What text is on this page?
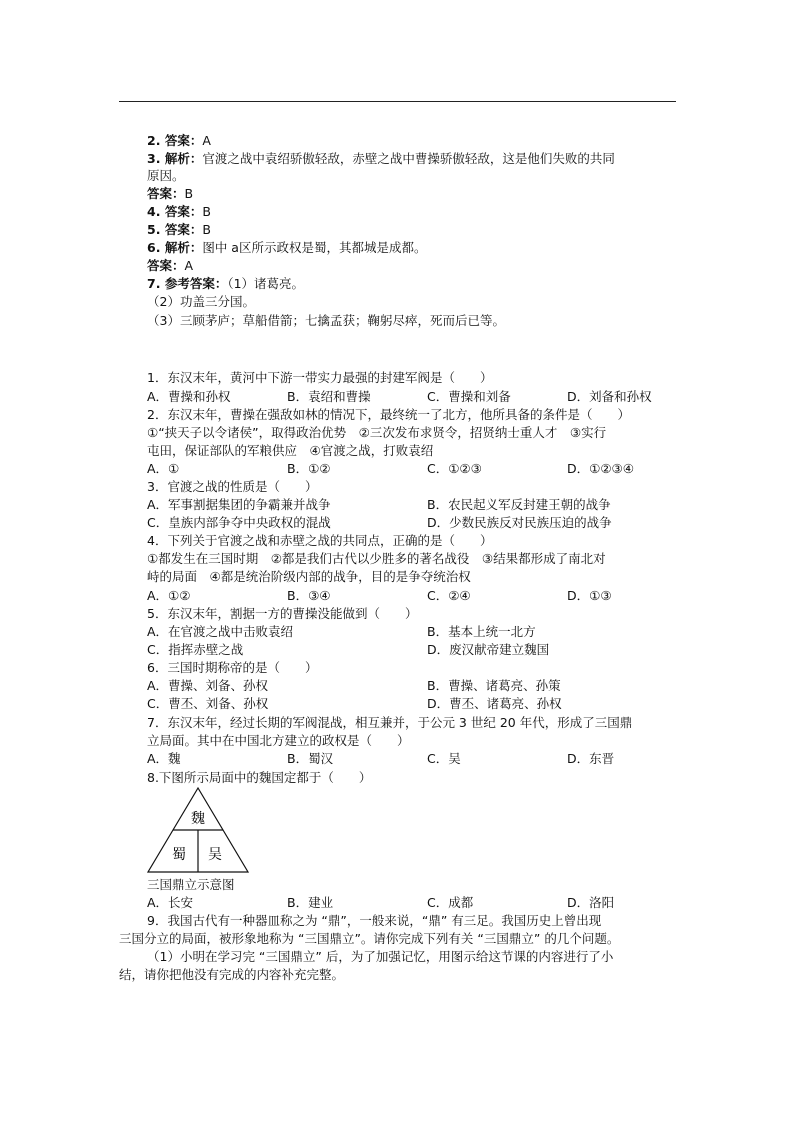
2. 答案：A
3. 解析：官渡之战中袁绍骄傲轻敌，赤壁之战中曹操骄傲轻敌，这是他们失败的共同
原因。
答案：B
4. 答案：B
5. 答案：B
6. 解析：图中 a区所示政权是蜀，其都城是成都。
答案：A
7. 参考答案：（1）诸葛亮。
（2）功盖三分国。
（3）三顾茅庐；草船借箭；七擒孟获；鞠躬尽瘁，死而后已等。
1．东汉末年，黄河中下游一带实力最强的封建军阀是（　　）
A．曹操和孙权	B．袁绍和曹操	C．曹操和刘备	D．刘备和孙权
2．东汉末年，曹操在强敌如林的情况下，最终统一了北方，他所具备的条件是（　　）
①“挟天子以令诸侯”，取得政治优势　②三次发布求贤令，招贤纳士重人才　③实行
屯田，保证部队的军粮供应　④官渡之战，打败袁绍
A．①	B．①②	C．①②③	D．①②③④
3．官渡之战的性质是（　　）
A．军事割据集团的争霸兼并战争	B．农民起义军反封建王朝的战争
C．皇族内部争夺中央政权的混战	D．少数民族反对民族压迫的战争
4．下列关于官渡之战和赤壁之战的共同点，正确的是（　　）
①都发生在三国时期　②都是我们古代以少胜多的著名战役　③结果都形成了南北对
峙的局面　④都是统治阶级内部的战争，目的是争夺统治权
A．①②	B．③④	C．②④	D．①③
5．东汉末年，割据一方的曹操没能做到（　　）
A．在官渡之战中击败袁绍	B．基本上统一北方
C．指挥赤壁之战	D．废汉献帝建立魏国
6．三国时期称帝的是（　　）
A．曹操、刘备、孙权	B．曹操、诸葛亮、孙策
C．曹丕、刘备、孙权	D．曹丕、诸葛亮、孙权
7．东汉末年，经过长期的军阀混战，相互兼并，于公元 3 世纪 20 年代，形成了三国鼎
立局面。其中在中国北方建立的政权是（　　）
A．魏	B．蜀汉	C．吴	D．东晋
8.下图所示局面中的魏国定都于（　　）
魏
蜀 吴
三国鼎立示意图
A．长安	B．建业	C．成都	D．洛阳
9．我国古代有一种器皿称之为 “鼎”，一般来说，“鼎” 有三足。我国历史上曾出现
三国分立的局面，被形象地称为 “三国鼎立”。请你完成下列有关 “三国鼎立” 的几个问题。
（1）小明在学习完 “三国鼎立” 后，为了加强记忆，用图示给这节课的内容进行了小
结，请你把他没有完成的内容补充完整。
